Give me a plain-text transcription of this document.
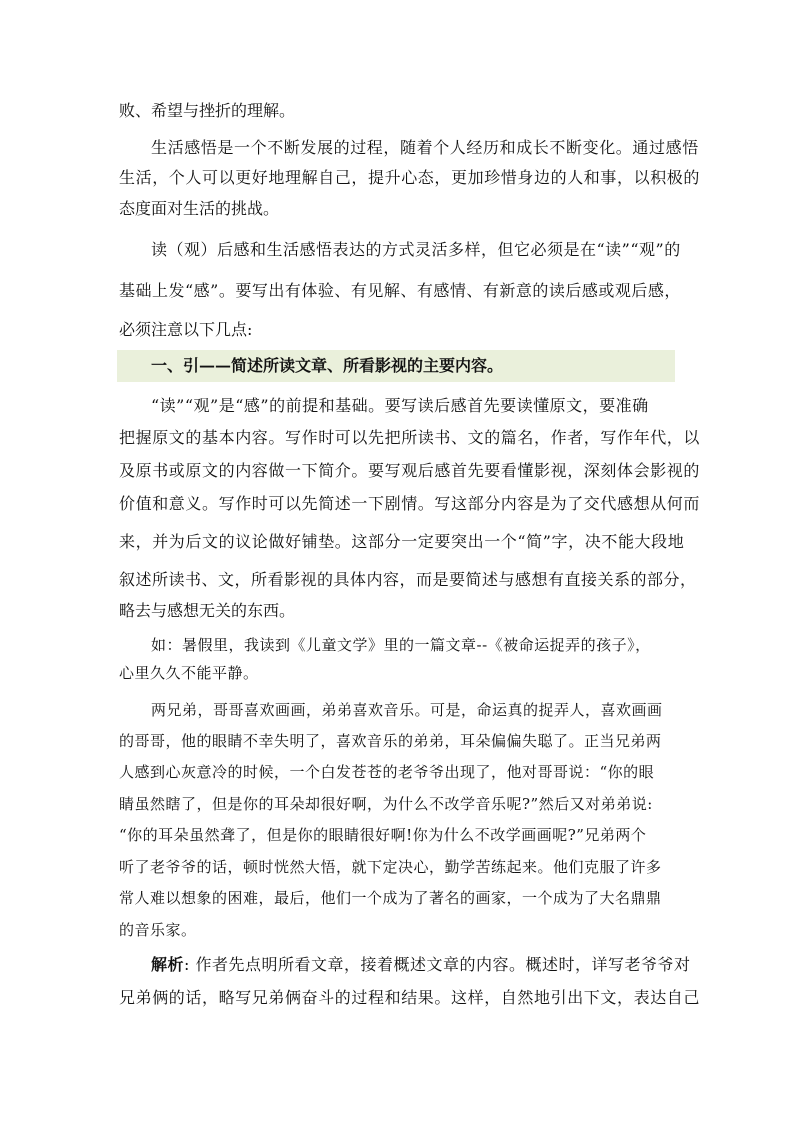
败、希望与挫折的理解。
生活感悟是一个不断发展的过程，随着个人经历和成长不断变化。通过感悟
生活，个人可以更好地理解自己，提升心态，更加珍惜身边的人和事，以积极的
态度面对生活的挑战。
读（观）后感和生活感悟表达的方式灵活多样，但它必须是在“读”“观”的
基础上发“感”。要写出有体验、有见解、有感情、有新意的读后感或观后感，
必须注意以下几点:
一、引——简述所读文章、所看影视的主要内容。
“读”“观”是“感”的前提和基础。要写读后感首先要读懂原文，要准确
把握原文的基本内容。写作时可以先把所读书、文的篇名，作者，写作年代，以
及原书或原文的内容做一下简介。要写观后感首先要看懂影视，深刻体会影视的
价值和意义。写作时可以先简述一下剧情。写这部分内容是为了交代感想从何而
来，并为后文的议论做好铺垫。这部分一定要突出一个“简”字，决不能大段地
叙述所读书、文，所看影视的具体内容，而是要简述与感想有直接关系的部分，
略去与感想无关的东西。
如：暑假里，我读到《儿童文学》里的一篇文章--《被命运捉弄的孩子》，
心里久久不能平静。
两兄弟，哥哥喜欢画画，弟弟喜欢音乐。可是，命运真的捉弄人，喜欢画画
的哥哥，他的眼睛不幸失明了，喜欢音乐的弟弟，耳朵偏偏失聪了。正当兄弟两
人感到心灰意冷的时候，一个白发苍苍的老爷爷出现了，他对哥哥说：“你的眼
睛虽然瞎了，但是你的耳朵却很好啊，为什么不改学音乐呢?”然后又对弟弟说:
“你的耳朵虽然聋了，但是你的眼睛很好啊!你为什么不改学画画呢?”兄弟两个
听了老爷爷的话，顿时恍然大悟，就下定决心，勤学苦练起来。他们克服了许多
常人难以想象的困难，最后，他们一个成为了著名的画家，一个成为了大名鼎鼎
的音乐家。
解析: 作者先点明所看文章，接着概述文章的内容。概述时，详写老爷爷对
兄弟俩的话，略写兄弟俩奋斗的过程和结果。这样，自然地引出下文，表达自己
